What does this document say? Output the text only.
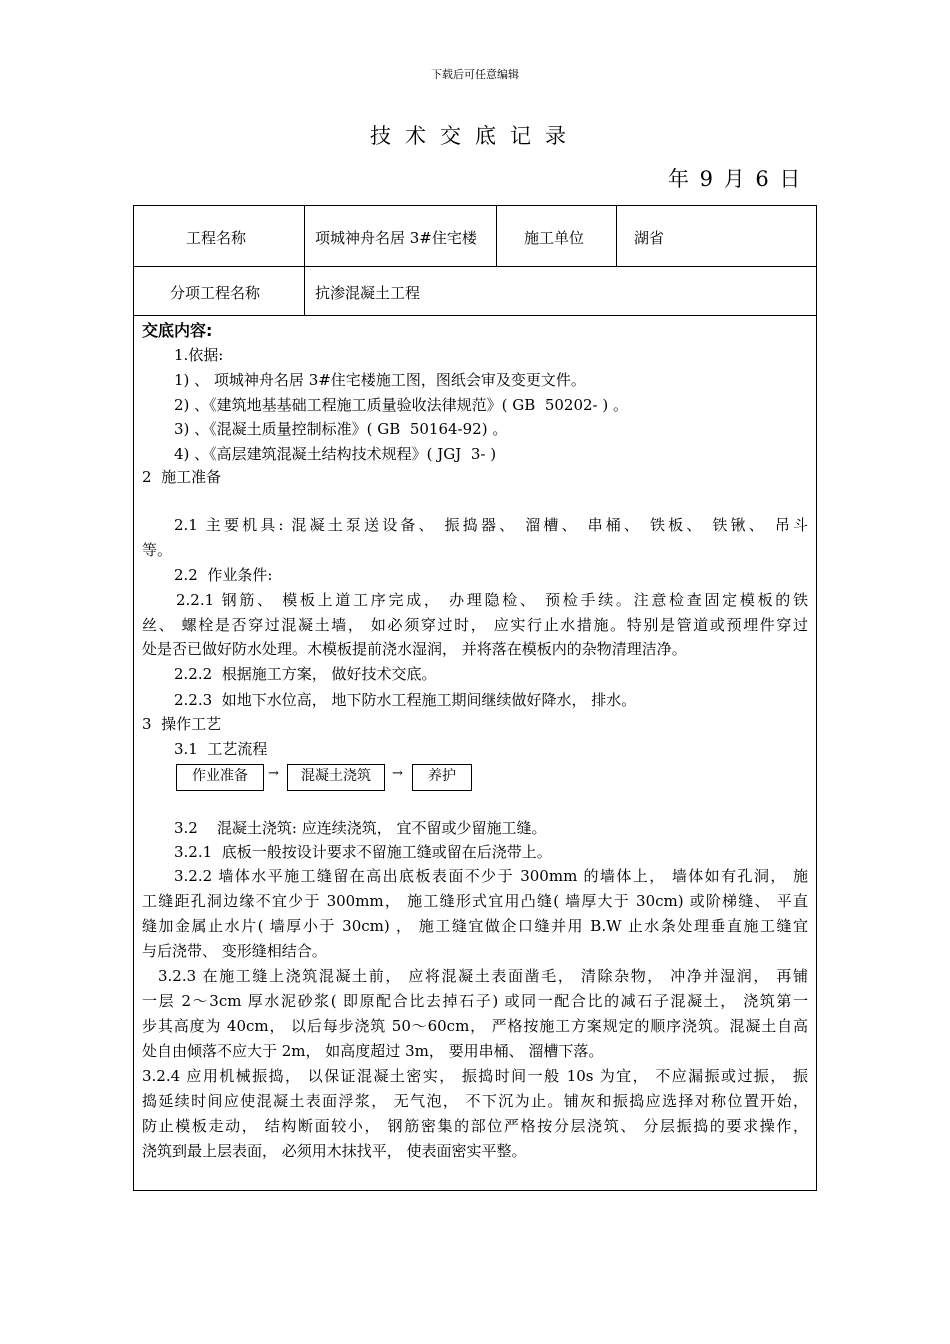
下载后可任意编辑
技术交底记录
年 9 月 6 日
工程名称	项城神舟名居 3#住宅楼	施工单位	湖省
分项工程名称	抗渗混凝土工程
交底内容:
1.依据:
1) 、 项城神舟名居 3#住宅楼施工图，图纸会审及变更文件。
2) 、《建筑地基基础工程施工质量验收法律规范》( GB  50202- ) 。
3) 、《混凝土质量控制标准》( GB  50164-92) 。
4) 、《高层建筑混凝土结构技术规程》( JGJ  3- )
2  施工准备
2.1 主要机具: 混凝土泵送设备、 振捣器、 溜槽、 串桶、 铁板、 铁锹、 吊斗
等。
2.2  作业条件:
2.2.1 钢筋、 模板上道工序完成， 办理隐检、 预检手续。注意检查固定模板的铁
丝、 螺栓是否穿过混凝土墙， 如必须穿过时， 应实行止水措施。特别是管道或预埋件穿过
处是否已做好防水处理。木模板提前浇水湿润， 并将落在模板内的杂物清理洁净。
2.2.2  根据施工方案， 做好技术交底。
2.2.3  如地下水位高， 地下防水工程施工期间继续做好降水， 排水。
3  操作工艺
3.1  工艺流程
作业准备	→	混凝土浇筑	→	养护
3.2    混凝土浇筑: 应连续浇筑， 宜不留或少留施工缝。
3.2.1  底板一般按设计要求不留施工缝或留在后浇带上。
3.2.2 墙体水平施工缝留在高出底板表面不少于 300mm 的墙体上， 墙体如有孔洞， 施
工缝距孔洞边缘不宜少于 300mm， 施工缝形式宜用凸缝( 墙厚大于 30cm) 或阶梯缝、 平直
缝加金属止水片( 墙厚小于 30cm) ， 施工缝宜做企口缝并用 B.W 止水条处理垂直施工缝宜
与后浇带、 变形缝相结合。
3.2.3 在施工缝上浇筑混凝土前， 应将混凝土表面凿毛， 清除杂物， 冲净并湿润， 再铺
一层 2～3cm 厚水泥砂浆( 即原配合比去掉石子) 或同一配合比的减石子混凝土， 浇筑第一
步其高度为 40cm， 以后每步浇筑 50～60cm， 严格按施工方案规定的顺序浇筑。混凝土自高
处自由倾落不应大于 2m， 如高度超过 3m， 要用串桶、 溜槽下落。
3.2.4 应用机械振捣， 以保证混凝土密实， 振捣时间一般 10s 为宜， 不应漏振或过振， 振
捣延续时间应使混凝土表面浮浆， 无气泡， 不下沉为止。铺灰和振捣应选择对称位置开始，
防止模板走动， 结构断面较小， 钢筋密集的部位严格按分层浇筑、 分层振捣的要求操作，
浇筑到最上层表面， 必须用木抹找平， 使表面密实平整。
